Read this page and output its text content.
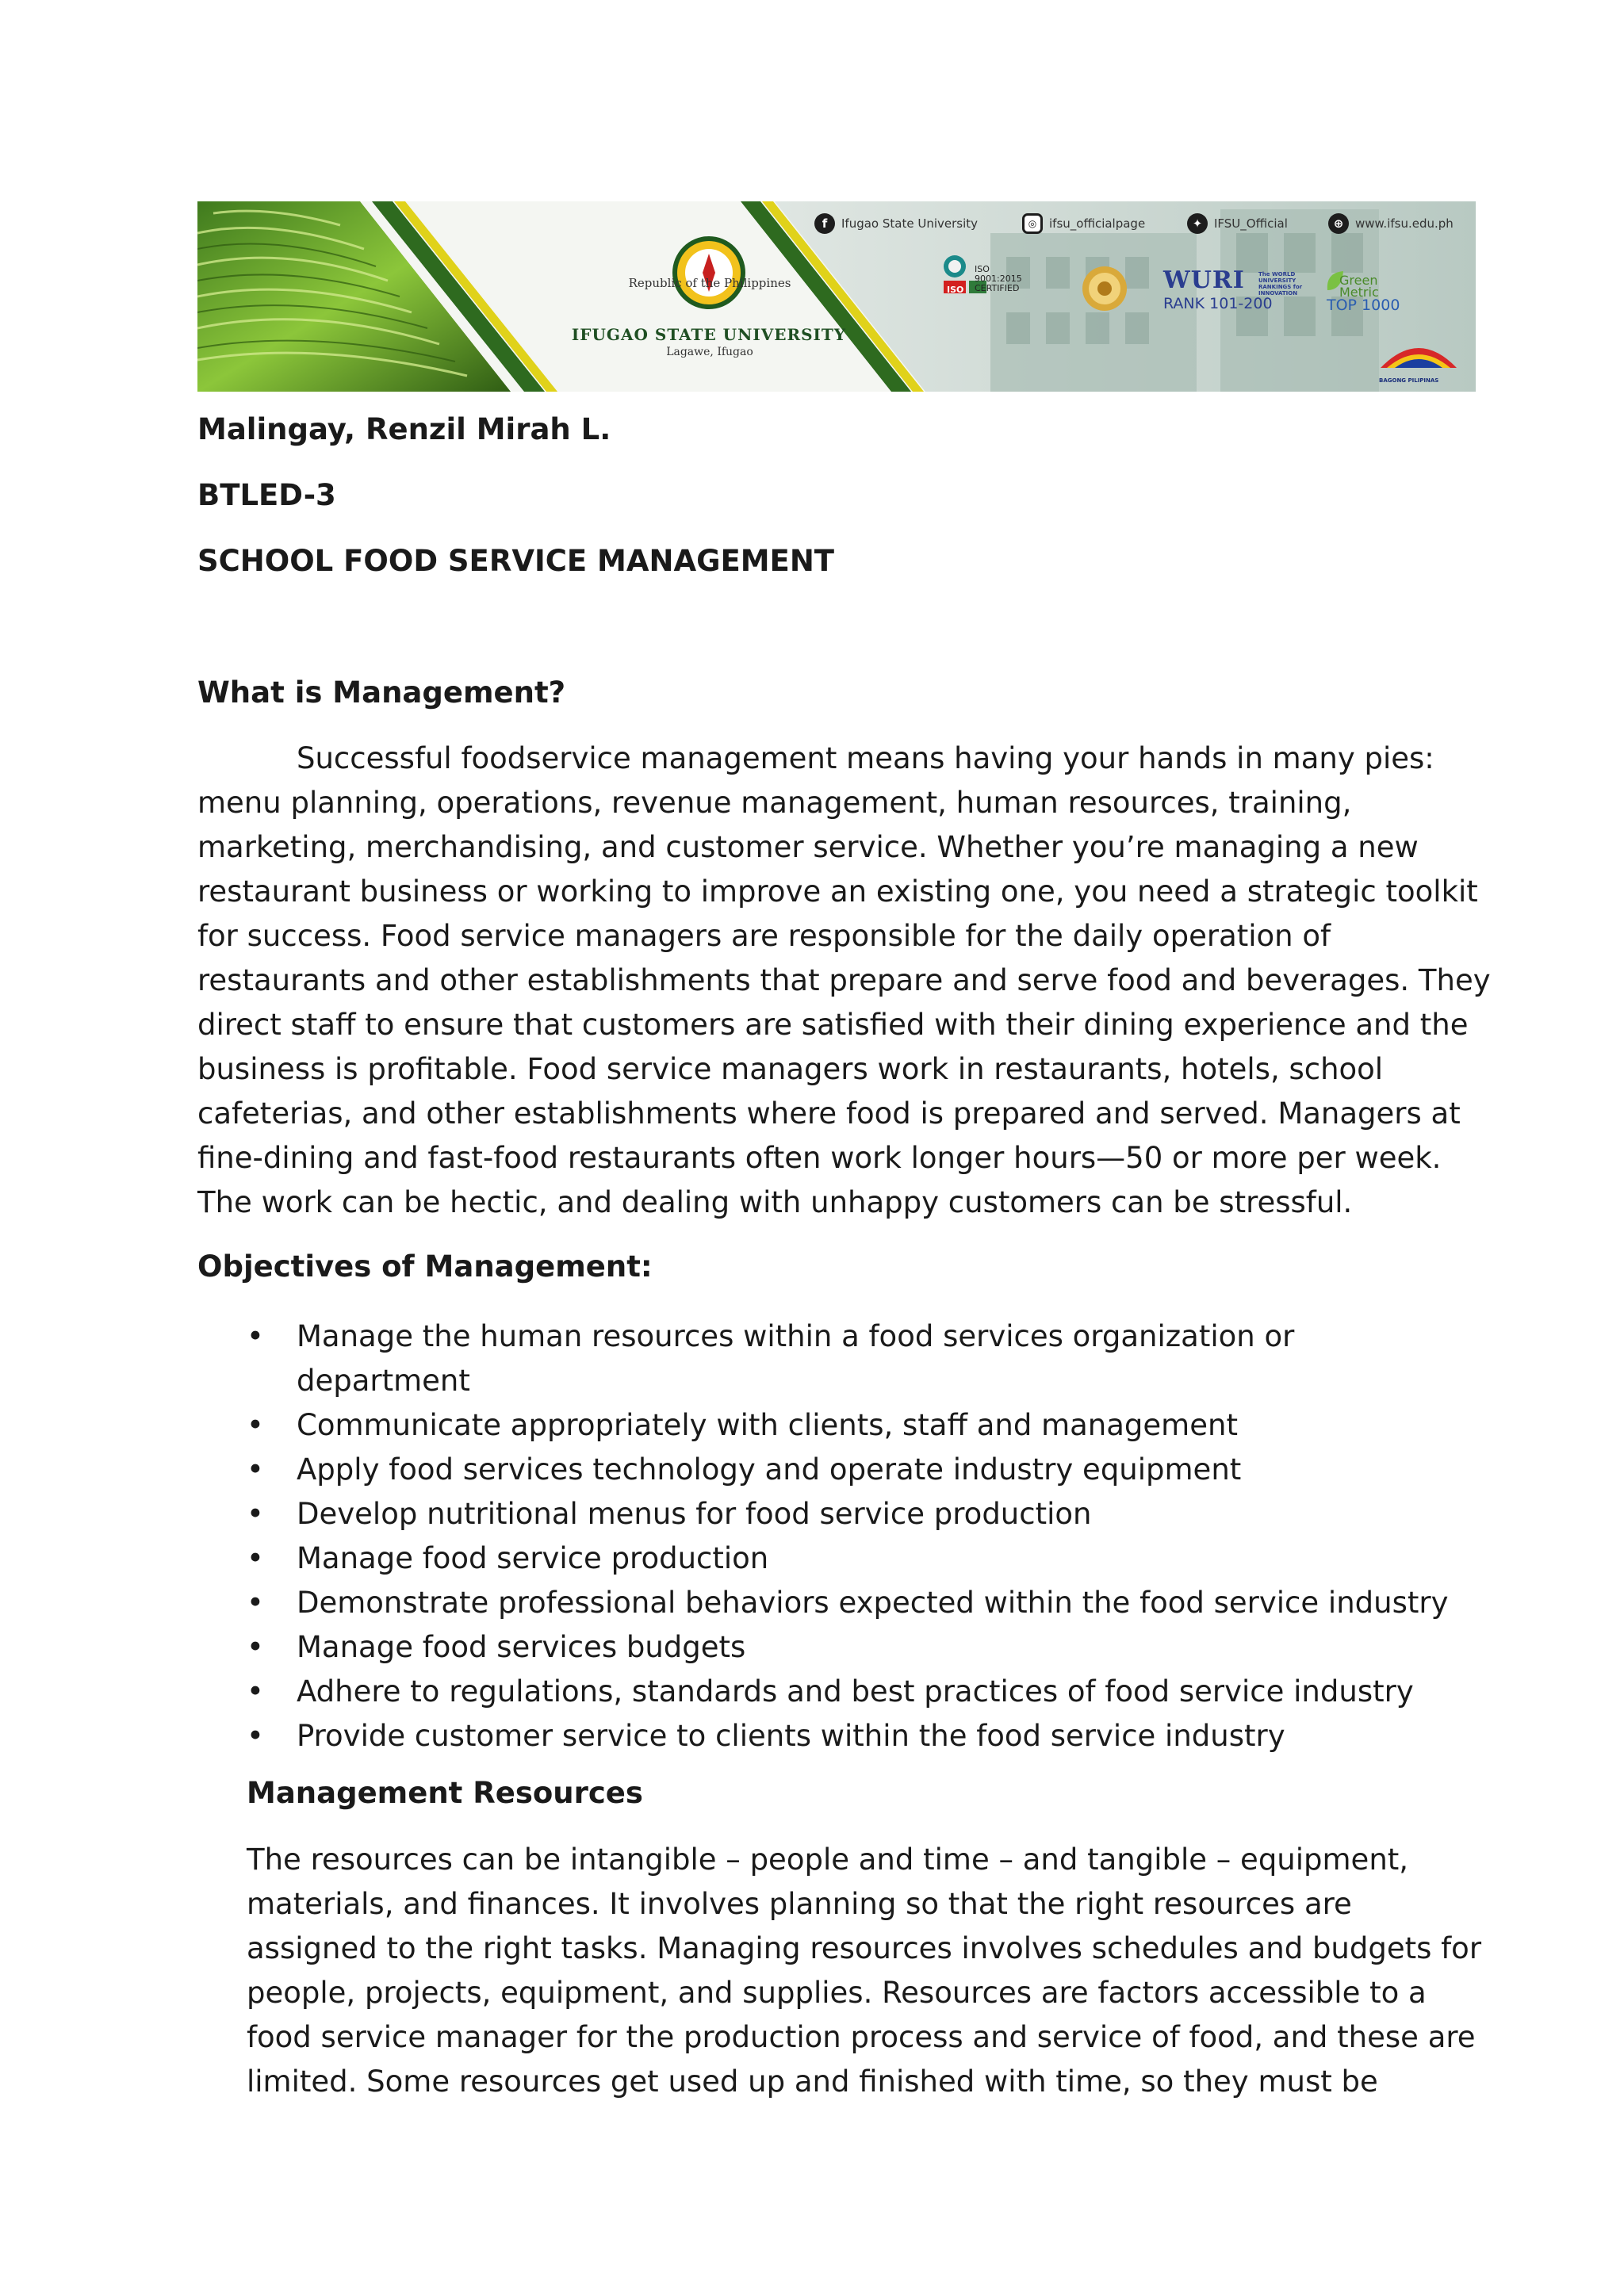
f	Ifugao State University	◎	ifsu_officialpage	✦ IFSU_Official	⊕ www.ifsu.edu.ph
Republic of the Philippines
IFUGAO STATE UNIVERSITY
Lagawe, Ifugao
ISO 9001:2015 CERTIFIED
ISO	WURI The WORLD UNIVERSITY RANKINGS for INNOVATION
RANK 101-200
Green
Metric
TOP 1000
BAGONG PILIPINAS
Malingay, Renzil Mirah L.
BTLED-3
SCHOOL FOOD SERVICE MANAGEMENT
What is Management?

Successful foodservice management means having your hands in many pies:

menu planning, operations, revenue management, human resources, training,

marketing, merchandising, and customer service. Whether you’re managing a new

restaurant business or working to improve an existing one, you need a strategic toolkit

for success. Food service managers are responsible for the daily operation of

restaurants and other establishments that prepare and serve food and beverages. They

direct staff to ensure that customers are satisfied with their dining experience and the

business is profitable. Food service managers work in restaurants, hotels, school

cafeterias, and other establishments where food is prepared and served. Managers at

fine-dining and fast-food restaurants often work longer hours—50 or more per week.

The work can be hectic, and dealing with unhappy customers can be stressful.

Objectives of Management:
• Manage the human resources within a food services organization or
department
• Communicate appropriately with clients, staff and management
• Apply food services technology and operate industry equipment
• Develop nutritional menus for food service production
• Manage food service production
• Demonstrate professional behaviors expected within the food service industry
• Manage food services budgets
• Adhere to regulations, standards and best practices of food service industry
• Provide customer service to clients within the food service industry
Management Resources

The resources can be intangible – people and time – and tangible – equipment,

materials, and finances. It involves planning so that the right resources are

assigned to the right tasks. Managing resources involves schedules and budgets for

people, projects, equipment, and supplies. Resources are factors accessible to a

food service manager for the production process and service of food, and these are

limited. Some resources get used up and finished with time, so they must be
